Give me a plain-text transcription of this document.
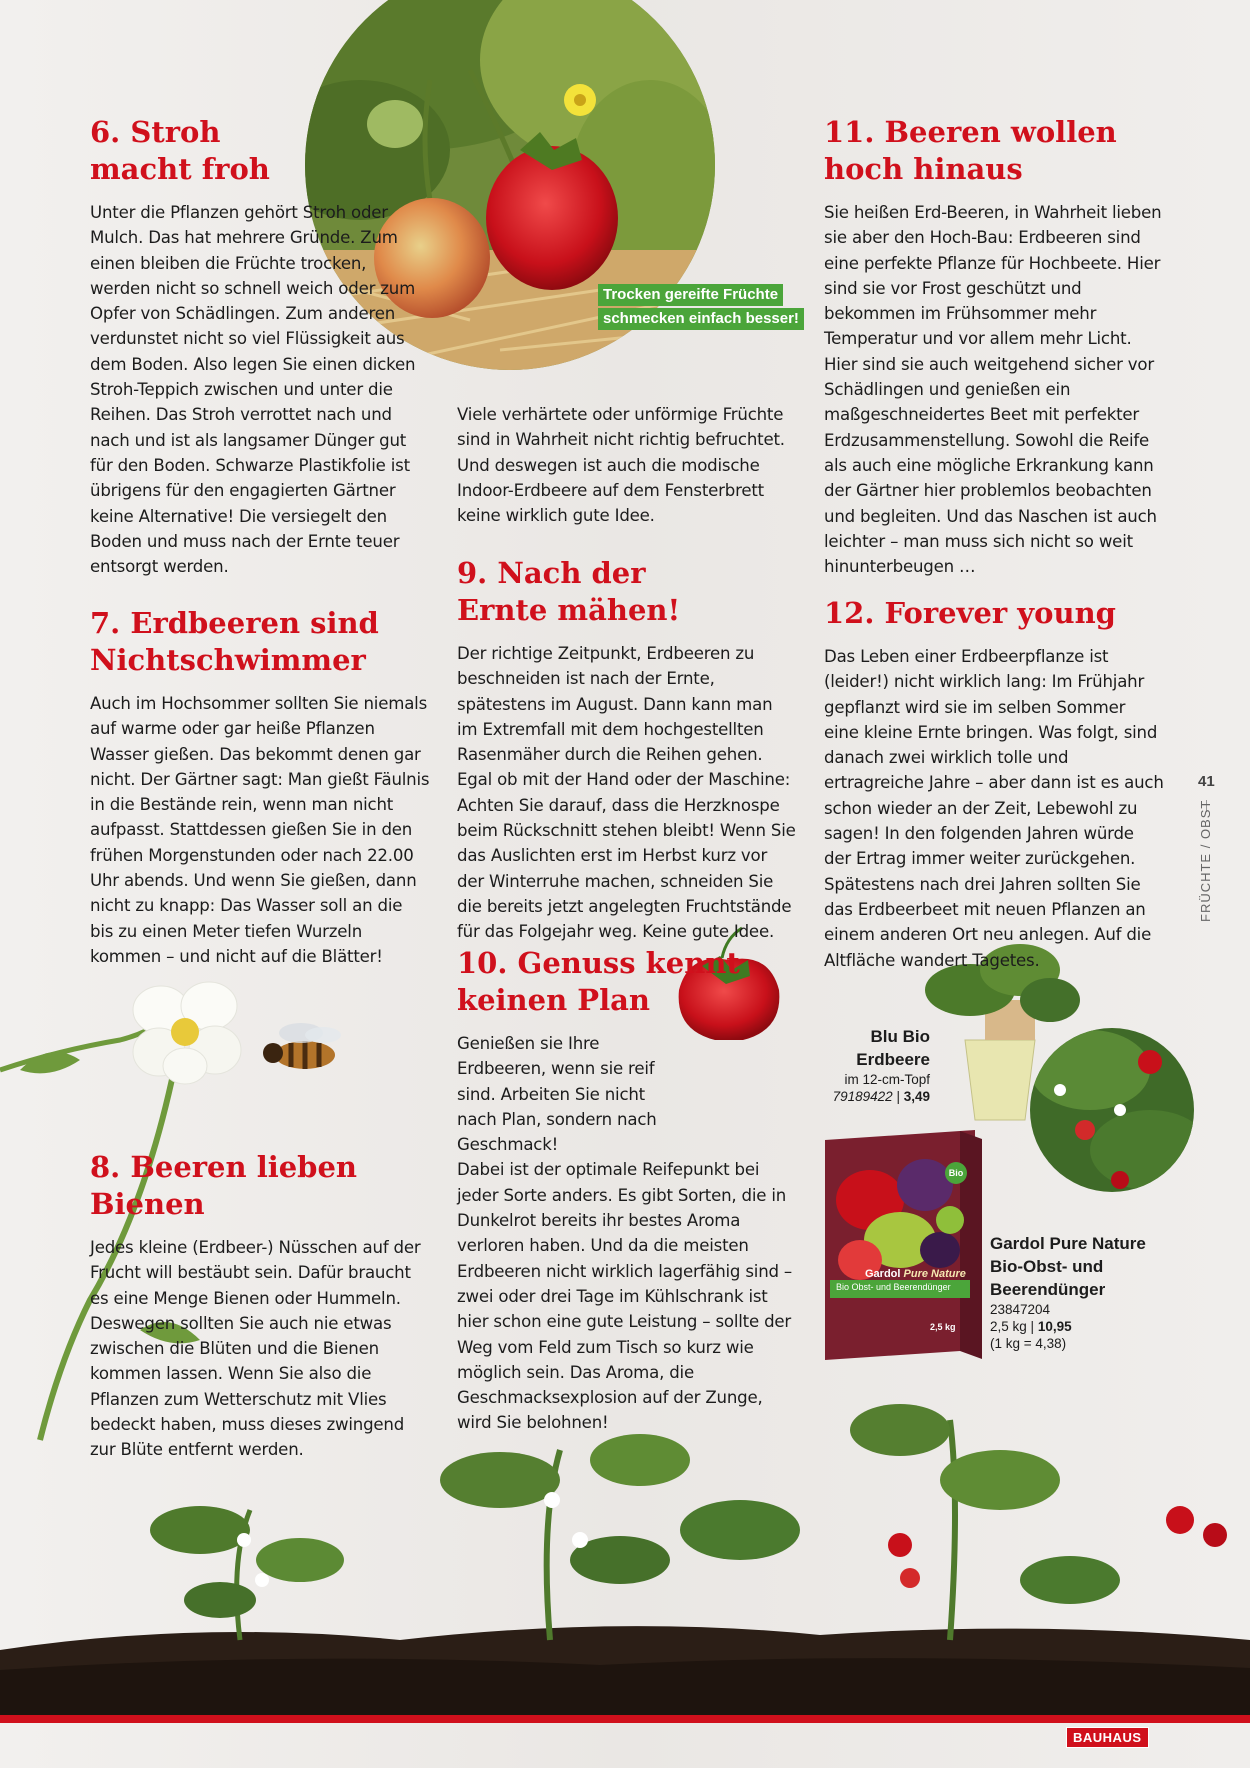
Trocken gereifte Früchte
schmecken einfach besser!
6. Stroh
macht froh

Unter die Pflanzen gehört Stroh oder Mulch. Das hat mehrere Gründe. Zum einen bleiben die Früchte trocken, werden nicht so schnell weich oder zum Opfer von Schädlingen. Zum anderen verdunstet nicht so viel Flüssigkeit aus dem Boden. Also legen Sie einen dicken Stroh-Teppich zwischen und unter die Reihen. Das Stroh verrottet nach und nach und ist als langsamer Dünger gut für den Boden. Schwarze Plastikfolie ist übrigens für den engagierten Gärtner keine Alternative! Die versiegelt den Boden und muss nach der Ernte teuer entsorgt werden.

7. Erdbeeren sind
Nichtschwimmer

Auch im Hochsommer sollten Sie niemals auf warme oder gar heiße Pflanzen Wasser gießen. Das bekommt denen gar nicht. Der Gärtner sagt: Man gießt Fäulnis in die Bestände rein, wenn man nicht aufpasst. Stattdessen gießen Sie in den frühen Morgenstunden oder nach 22.00 Uhr abends. Und wenn Sie gießen, dann nicht zu knapp: Das Wasser soll an die bis zu einen Meter tiefen Wurzeln kommen – und nicht auf die Blätter!

8. Beeren lieben
Bienen

Jedes kleine (Erdbeer-) Nüsschen auf der Frucht will bestäubt sein. Dafür braucht es eine Menge Bienen oder Hummeln. Deswegen sollten Sie auch nie etwas zwischen die Blüten und die Bienen kommen lassen. Wenn Sie also die Pflanzen zum Wetterschutz mit Vlies bedeckt haben, muss dieses zwingend zur Blüte entfernt werden.

Viele verhärtete oder unförmige Früchte sind in Wahrheit nicht richtig befruchtet. Und deswegen ist auch die modische Indoor-Erdbeere auf dem Fensterbrett keine wirklich gute Idee.

9. Nach der
Ernte mähen!

Der richtige Zeitpunkt, Erdbeeren zu beschneiden ist nach der Ernte, spätestens im August. Dann kann man im Extremfall mit dem hochgestellten Rasenmäher durch die Reihen gehen. Egal ob mit der Hand oder der Maschine: Achten Sie darauf, dass die Herzknospe beim Rückschnitt stehen bleibt! Wenn Sie das Auslichten erst im Herbst kurz vor der Winterruhe machen, schneiden Sie die bereits jetzt angelegten Fruchtstände für das Folgejahr weg. Keine gute Idee.

10. Genuss kennt
keinen Plan

Genießen sie Ihre Erdbeeren, wenn sie reif sind. Arbeiten Sie nicht nach Plan, sondern nach Geschmack!

Dabei ist der optimale Reifepunkt bei jeder Sorte anders. Es gibt Sorten, die in Dunkelrot bereits ihr bestes Aroma verloren haben. Und da die meisten Erdbeeren nicht wirklich lagerfähig sind – zwei oder drei Tage im Kühlschrank ist hier schon eine gute Leistung – sollte der Weg vom Feld zum Tisch so kurz wie möglich sein. Das Aroma, die Geschmacksexplosion auf der Zunge, wird Sie belohnen!

11. Beeren wollen
hoch hinaus

Sie heißen Erd-Beeren, in Wahrheit lieben sie aber den Hoch-Bau: Erdbeeren sind eine perfekte Pflanze für Hochbeete. Hier sind sie vor Frost geschützt und bekommen im Frühsommer mehr Temperatur und vor allem mehr Licht. Hier sind sie auch weitgehend sicher vor Schädlingen und genießen ein maßgeschneidertes Beet mit perfekter Erdzusammenstellung. Sowohl die Reife als auch eine mögliche Erkrankung kann der Gärtner hier problemlos beobachten und begleiten. Und das Naschen ist auch leichter – man muss sich nicht so weit hinunterbeugen …

12. Forever young

Das Leben einer Erdbeerpflanze ist (leider!) nicht wirklich lang: Im Frühjahr gepflanzt wird sie im selben Sommer eine kleine Ernte bringen. Was folgt, sind danach zwei wirklich tolle und ertragreiche Jahre – aber dann ist es auch schon wieder an der Zeit, Lebewohl zu sagen! In den folgenden Jahren würde der Ertrag immer weiter zurückgehen. Spätestens nach drei Jahren sollten Sie das Erdbeerbeet mit neuen Pflanzen an einem anderen Ort neu anlegen. Auf die Altfläche wandert Tagetes.

Blu Bio
Erdbeere
im 12-cm-Topf
79189422 | 3,49
Gardol Pure Nature
Bio-Obst- und
Beerendünger
23847204
2,5 kg | 10,95
(1 kg = 4,38)
Gardol Pure Nature
Bio Obst- und Beerendünger
2,5 kg
Bio
41
FRÜCHTE / OBST
BAUHAUS
